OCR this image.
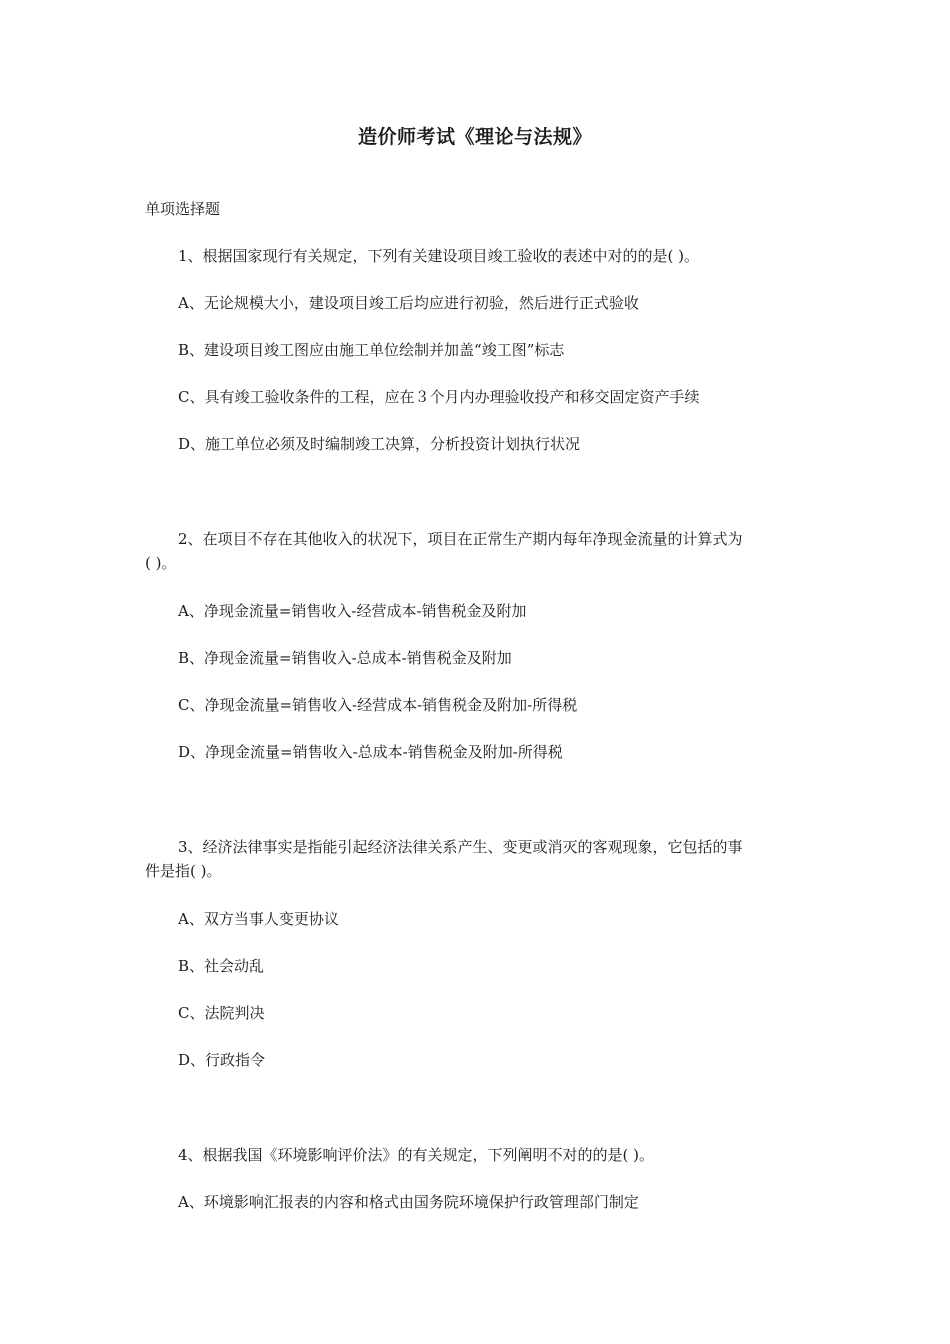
造价师考试《理论与法规》
单项选择题
1、根据国家现行有关规定，下列有关建设项目竣工验收的表述中对的的是( )。
A、无论规模大小，建设项目竣工后均应进行初验，然后进行正式验收
B、建设项目竣工图应由施工单位绘制并加盖“竣工图”标志
C、具有竣工验收条件的工程，应在３个月内办理验收投产和移交固定资产手续
D、施工单位必须及时编制竣工决算，分析投资计划执行状况
2、在项目不存在其他收入的状况下，项目在正常生产期内每年净现金流量的计算式为
( )。
A、净现金流量=销售收入-经营成本-销售税金及附加
B、净现金流量=销售收入-总成本-销售税金及附加
C、净现金流量=销售收入-经营成本-销售税金及附加-所得税
D、净现金流量=销售收入-总成本-销售税金及附加-所得税
3、经济法律事实是指能引起经济法律关系产生、变更或消灭的客观现象，它包括的事
件是指( )。
A、双方当事人变更协议
B、社会动乱
C、法院判决
D、行政指令
4、根据我国《环境影响评价法》的有关规定，下列阐明不对的的是( )。
A、环境影响汇报表的内容和格式由国务院环境保护行政管理部门制定
